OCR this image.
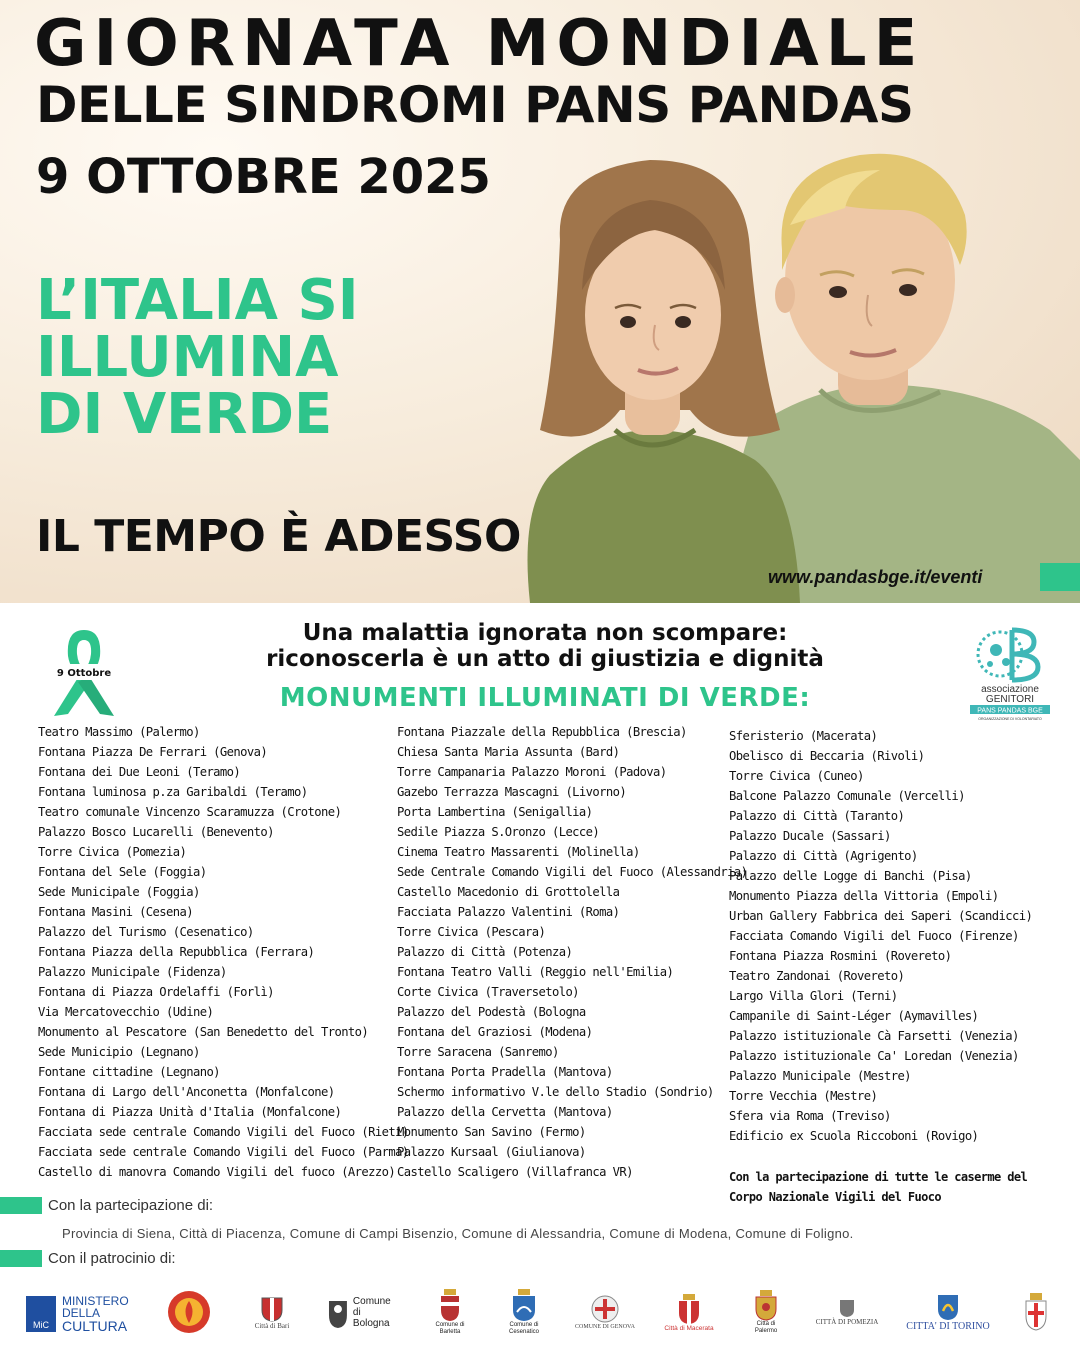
GIORNATA MONDIALE
DELLE SINDROMI PANS PANDAS
9 OTTOBRE 2025
L’ITALIA SI
ILLUMINA
DI VERDE
IL TEMPO È ADESSO
www.pandasbge.it/eventi
9 Ottobre
Una malattia ignorata non scompare:
riconoscerla è un atto di giustizia e dignità
MONUMENTI ILLUMINATI DI VERDE:	associazione
GENITORI
PANS PANDAS BGE
ORGANIZZAZIONE DI VOLONTARIATO
Teatro Massimo (Palermo)
Fontana Piazza De Ferrari (Genova)
Fontana dei Due Leoni (Teramo)
Fontana luminosa p.za Garibaldi (Teramo)
Teatro comunale Vincenzo Scaramuzza (Crotone)
Palazzo Bosco Lucarelli (Benevento)
Torre Civica (Pomezia)
Fontana del Sele (Foggia)
Sede Municipale (Foggia)
Fontana Masini (Cesena)
Palazzo del Turismo (Cesenatico)
Fontana Piazza della Repubblica (Ferrara)
Palazzo Municipale (Fidenza)
Fontana di Piazza Ordelaffi (Forlì)
Via Mercatovecchio (Udine)
Monumento al Pescatore (San Benedetto del Tronto)
Sede Municipio (Legnano)
Fontane cittadine (Legnano)
Fontana di Largo dell'Anconetta (Monfalcone)
Fontana di Piazza Unità d'Italia (Monfalcone)
Facciata sede centrale Comando Vigili del Fuoco (Rieti)
Facciata sede centrale Comando Vigili del Fuoco (Parma)
Castello di manovra Comando Vigili del fuoco (Arezzo)
Fontana Piazzale della Repubblica (Brescia)
Chiesa Santa Maria Assunta (Bard)
Torre Campanaria Palazzo Moroni (Padova)
Gazebo Terrazza Mascagni (Livorno)
Porta Lambertina (Senigallia)
Sedile Piazza S.Oronzo (Lecce)
Cinema Teatro Massarenti (Molinella)
Sede Centrale Comando Vigili del Fuoco (Alessandria)
Castello Macedonio di Grottolella
Facciata Palazzo Valentini (Roma)
Torre Civica (Pescara)
Palazzo di Città (Potenza)
Fontana Teatro Valli (Reggio nell'Emilia)
Corte Civica (Traversetolo)
Palazzo del Podestà (Bologna
Fontana del Graziosi (Modena)
Torre Saracena (Sanremo)
Fontana Porta Pradella (Mantova)
Schermo informativo V.le dello Stadio (Sondrio)
Palazzo della Cervetta (Mantova)
Monumento San Savino (Fermo)
Palazzo Kursaal (Giulianova)
Castello Scaligero (Villafranca VR)
Sferisterio (Macerata)
Obelisco di Beccaria (Rivoli)
Torre Civica (Cuneo)
Balcone Palazzo Comunale (Vercelli)
Palazzo di Città (Taranto)
Palazzo Ducale (Sassari)
Palazzo di Città (Agrigento)
Palazzo delle Logge di Banchi (Pisa)
Monumento Piazza della Vittoria (Empoli)
Urban Gallery Fabbrica dei Saperi (Scandicci)
Facciata Comando Vigili del Fuoco (Firenze)
Fontana Piazza Rosmini (Rovereto)
Teatro Zandonai (Rovereto)
Largo Villa Glori (Terni)
Campanile di Saint-Léger (Aymavilles)
Palazzo istituzionale Cà Farsetti (Venezia)
Palazzo istituzionale Ca' Loredan (Venezia)
Palazzo Municipale (Mestre)
Torre Vecchia (Mestre)
Sfera via Roma (Treviso)
Edificio ex Scuola Riccoboni (Rovigo)
Con la partecipazione di tutte le caserme del
Corpo Nazionale Vigili del Fuoco
Con la partecipazione di:
Provincia di Siena, Città di Piacenza, Comune di Campi Bisenzio, Comune di Alessandria, Comune di Modena, Comune di Foligno.
Con il patrocinio di:
MiC
MINISTERO
DELLA
CULTURA	Città di Bari
Comune
di Bologna	Comune di
Barletta
Comune di
Cesenatico
COMUNE DI GENOVA	Città di Macerata
Città di
Palermo
CITTÀ DI POMEZIA	CITTA' DI TORINO
